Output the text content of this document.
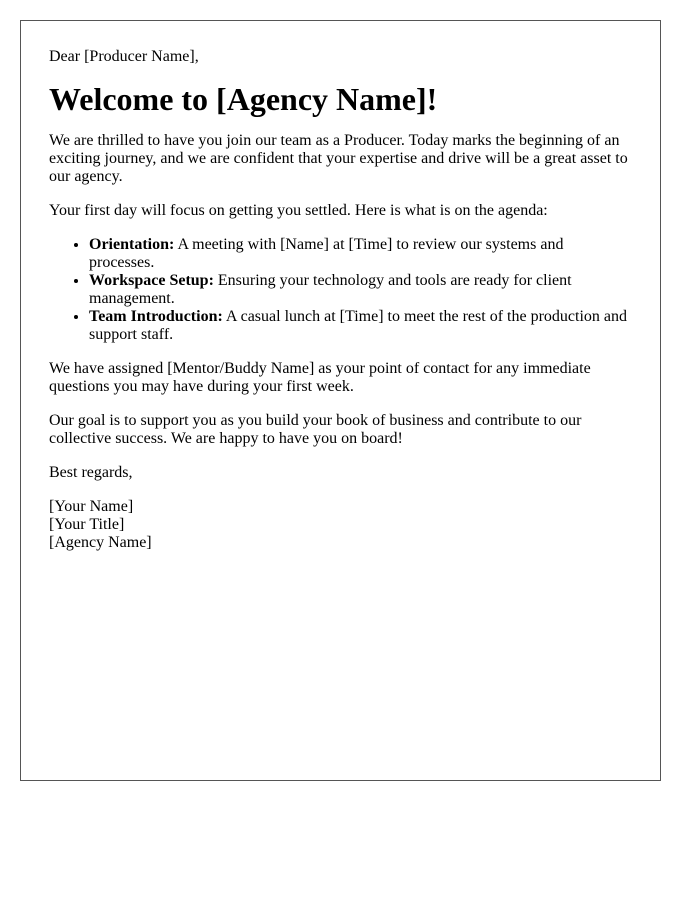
Dear [Producer Name],
Welcome to [Agency Name]!
We are thrilled to have you join our team as a Producer. Today marks the beginning of an exciting journey, and we are confident that your expertise and drive will be a great asset to our agency.
Your first day will focus on getting you settled. Here is what is on the agenda:
• Orientation: A meeting with [Name] at [Time] to review our systems and processes.
• Workspace Setup: Ensuring your technology and tools are ready for client management.
• Team Introduction: A casual lunch at [Time] to meet the rest of the production and support staff.
We have assigned [Mentor/Buddy Name] as your point of contact for any immediate questions you may have during your first week.
Our goal is to support you as you build your book of business and contribute to our collective success. We are happy to have you on board!
Best regards,
[Your Name]
[Your Title]
[Agency Name]
